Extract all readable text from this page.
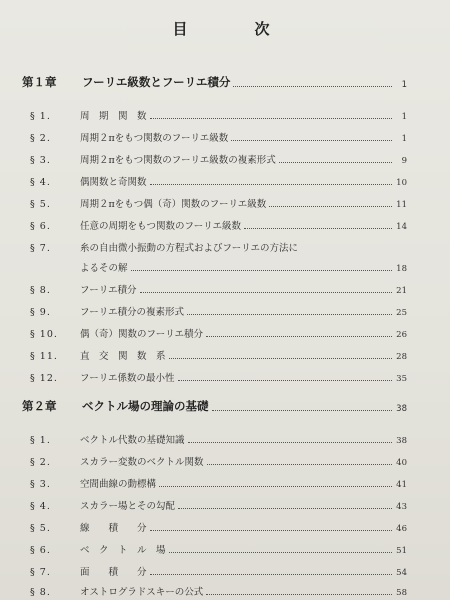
目　次
第１章	フーリエ級数とフーリエ積分	1
§ 1.	周　期　関　数	1
§ 2.	周期２πをもつ関数のフーリエ級数	1
§ 3.	周期２πをもつ関数のフーリエ級数の複素形式	9
§ 4.	偶関数と奇関数	10
§ 5.	周期２πをもつ偶（奇）関数のフーリエ級数	11
§ 6.	任意の周期をもつ関数のフーリエ級数	14
§ 7.	糸の自由微小振動の方程式およびフーリエの方法に
よるその解	18
§ 8.	フーリエ積分	21
§ 9.	フーリエ積分の複素形式	25
§ 10.	偶（奇）関数のフーリエ積分	26
§ 11.	直　交　関　数　系	28
§ 12.	フーリエ係数の最小性	35
第２章	ベクトル場の理論の基礎	38
§ 1.	ベクトル代数の基礎知識	38
§ 2.	スカラー変数のベクトル関数	40
§ 3.	空間曲線の動標構	41
§ 4.	スカラー場とその勾配	43
§ 5.	線　　積　　分	46
§ 6.	ベ　ク　ト　ル　場	51
§ 7.	面　　積　　分	54
§ 8.	オストログラドスキーの公式	58
